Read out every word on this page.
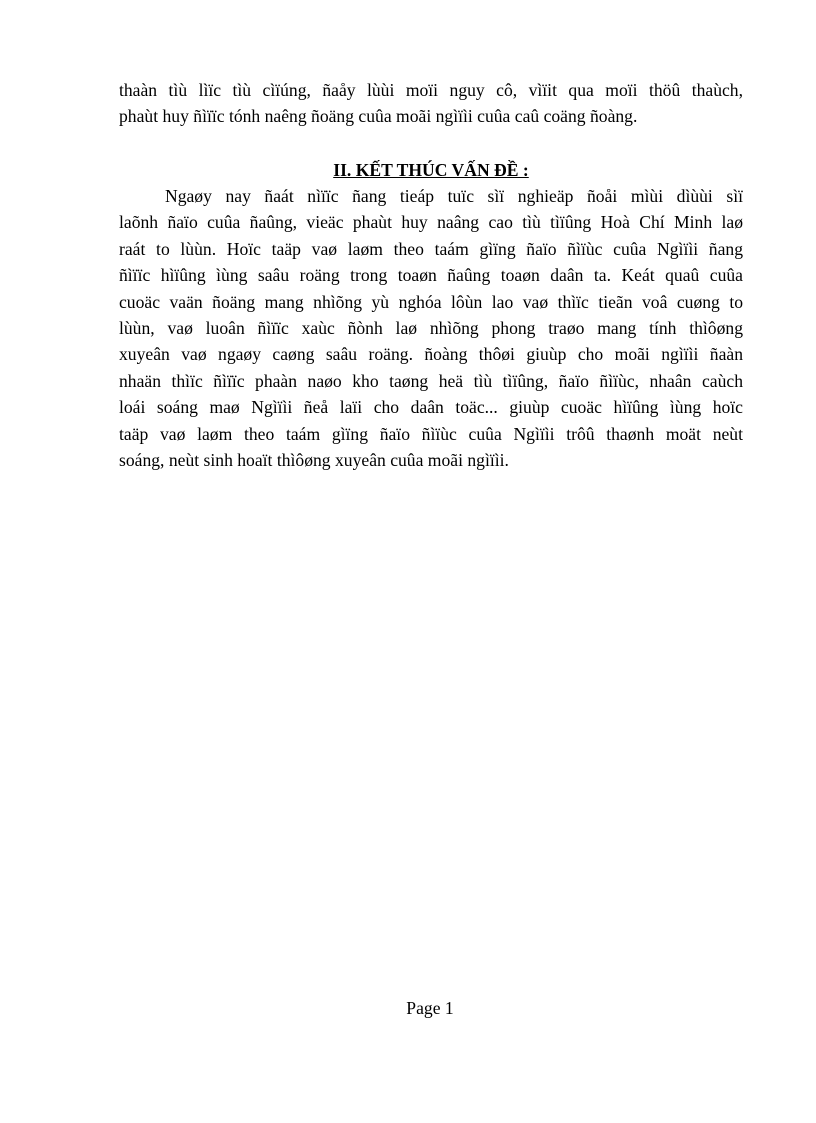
thaàn tìù lìïc tìù cìïúng, ñaåy lùùi moïi nguy cô, vìïit qua moïi thöû thaùch,
phaùt huy ñìïïc tónh naêng ñoäng cuûa moãi ngìïìi cuûa caû coäng ñoàng.
II. KẾT THÚC VẤN ĐỀ :
Ngaøy nay ñaát nìïïc ñang tieáp tuïc sìï nghieäp ñoåi mìùi dìùùi sìï
laõnh ñaïo cuûa ñaûng, vieäc phaùt huy naâng cao tìù tìïûng Hoà Chí Minh laø
raát to lùùn. Hoïc taäp vaø laøm theo taám gìïng ñaïo ñìïùc cuûa Ngìïìi ñang
ñìïïc hìïûng ìùng saâu roäng trong toaøn ñaûng toaøn daân ta. Keát quaû cuûa
cuoäc vaän ñoäng mang nhìõng yù nghóa lôùn lao vaø thìïc tieãn voâ cuøng to
lùùn, vaø luoân ñìïïc xaùc ñònh laø nhìõng phong traøo mang tính thìôøng
xuyeân vaø ngaøy caøng saâu roäng. ñoàng thôøi giuùp cho moãi ngìïìi ñaàn
nhaän thìïc ñìïïc phaàn naøo kho taøng heä tìù tìïûng, ñaïo ñìïùc, nhaân caùch
loái soáng maø Ngìïìi ñeå laïi cho daân toäc... giuùp cuoäc hìïûng ìùng hoïc
taäp vaø laøm theo taám gìïng ñaïo ñìïùc cuûa Ngìïìi trôû thaønh moät neùt
soáng, neùt sinh hoaït thìôøng xuyeân cuûa moãi ngìïìi.
Page 1
